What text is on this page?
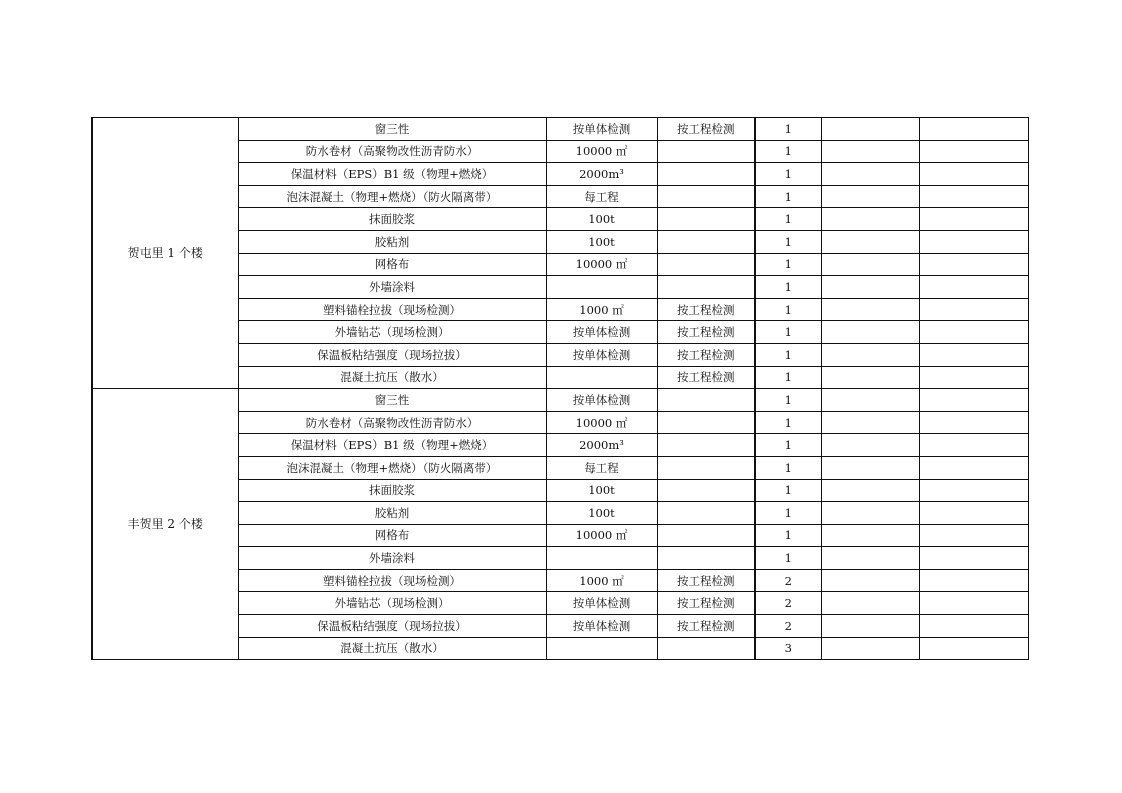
贺屯里 1 个楼	窗三性	按单体检测	按工程检测	1		
	防水卷材（高聚物改性沥青防水）	10000 ㎡		1		
	保温材料（EPS）B1 级（物理+燃烧）	2000m³		1		
	泡沫混凝土（物理+燃烧）（防火隔离带）	每工程		1		
	抹面胶浆	100t		1		
	胶粘剂	100t		1		
	网格布	10000 ㎡		1		
	外墙涂料			1		
	塑料锚栓拉拔（现场检测）	1000 ㎡	按工程检测	1		
	外墙钻芯（现场检测）	按单体检测	按工程检测	1		
	保温板粘结强度（现场拉拔）	按单体检测	按工程检测	1		
	混凝土抗压（散水）		按工程检测	1		
丰贺里 2 个楼	窗三性	按单体检测		1		
	防水卷材（高聚物改性沥青防水）	10000 ㎡		1		
	保温材料（EPS）B1 级（物理+燃烧）	2000m³		1		
	泡沫混凝土（物理+燃烧）（防火隔离带）	每工程		1		
	抹面胶浆	100t		1		
	胶粘剂	100t		1		
	网格布	10000 ㎡		1		
	外墙涂料			1		
	塑料锚栓拉拔（现场检测）	1000 ㎡	按工程检测	2		
	外墙钻芯（现场检测）	按单体检测	按工程检测	2		
	保温板粘结强度（现场拉拔）	按单体检测	按工程检测	2		
	混凝土抗压（散水）			3		
